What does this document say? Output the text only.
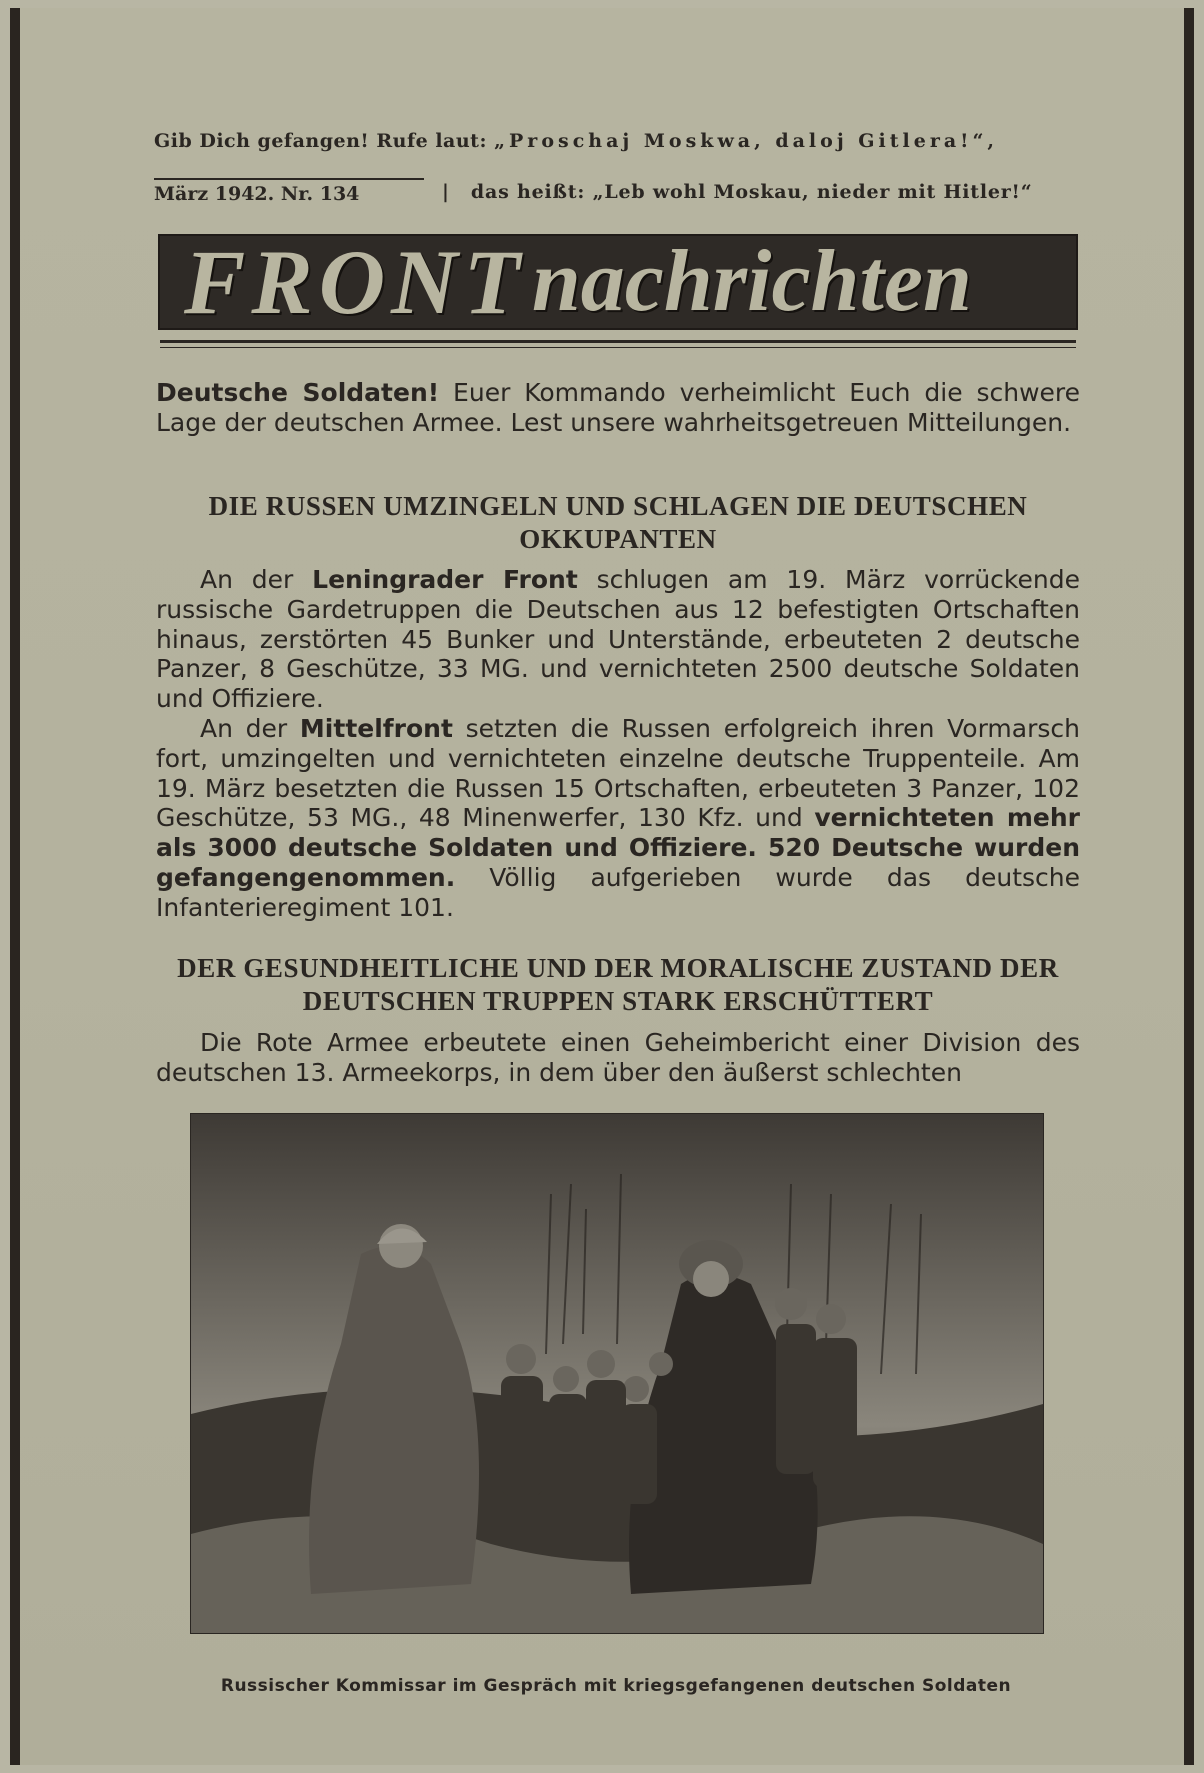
Gib Dich gefangen! Rufe laut: „Proschaj Moskwa, daloj Gitlera!“,
März 1942. Nr. 134	| das heißt: „Leb wohl Moskau, nieder mit Hitler!“
FRONT nachrichten
Deutsche Soldaten! Euer Kommando verheimlicht Euch die schwere Lage der deutschen Armee. Lest unsere wahrheitsgetreuen Mitteilungen.
DIE RUSSEN UMZINGELN UND SCHLAGEN DIE DEUTSCHEN OKKUPANTEN

An der Leningrader Front schlugen am 19. März vorrückende russische Gardetruppen die Deutschen aus 12 befestigten Ortschaften hinaus, zerstörten 45 Bunker und Unterstände, erbeuteten 2 deutsche Panzer, 8 Geschütze, 33 MG. und vernichteten 2500 deutsche Soldaten und Offiziere.

An der Mittelfront setzten die Russen erfolgreich ihren Vormarsch fort, umzingelten und vernichteten einzelne deutsche Truppenteile. Am 19. März besetzten die Russen 15 Ortschaften, erbeuteten 3 Panzer, 102 Geschütze, 53 MG., 48 Minenwerfer, 130 Kfz. und vernichteten mehr als 3000 deutsche Soldaten und Offiziere. 520 Deutsche wurden gefangengenommen. Völlig aufgerieben wurde das deutsche Infanterieregiment 101.

DER GESUNDHEITLICHE UND DER MORALISCHE ZUSTAND DER DEUTSCHEN TRUPPEN STARK ERSCHÜTTERT

Die Rote Armee erbeutete einen Geheimbericht einer Division des deutschen 13. Armeekorps, in dem über den äußerst schlechten

Russischer Kommissar im Gespräch mit kriegsgefangenen deutschen Soldaten
